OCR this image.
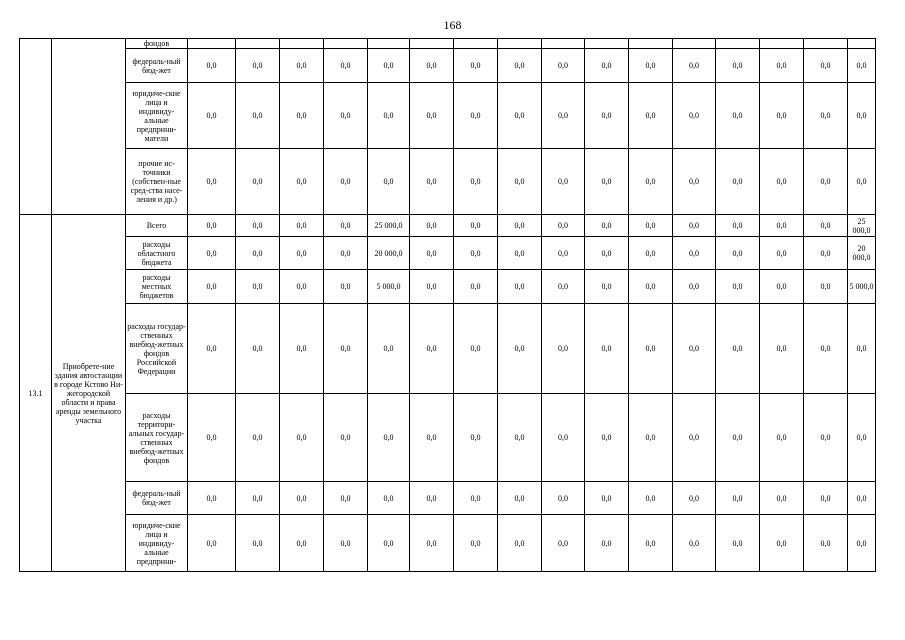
168
		фондов																
		федераль-ный бюд-жет	0,0	0,0	0,0	0,0	0,0	0,0	0,0	0,0	0,0	0,0	0,0	0,0	0,0	0,0	0,0	0,0
		юридиче-ские лица и индивиду-альные предприни-матели	0,0	0,0	0,0	0,0	0,0	0,0	0,0	0,0	0,0	0,0	0,0	0,0	0,0	0,0	0,0	0,0
		прочие ис-точники (собствен-ные сред-ства насе-ления и др.)	0,0	0,0	0,0	0,0	0,0	0,0	0,0	0,0	0,0	0,0	0,0	0,0	0,0	0,0	0,0	0,0
13.1	Приобрете-ние здания автостанции в городе Кстово Ни-жегородской области и права аренды земельного участка	Всего	0,0	0,0	0,0	0,0	25 000,0	0,0	0,0	0,0	0,0	0,0	0,0	0,0	0,0	0,0	0,0	25 000,0
		расходы областного бюджета	0,0	0,0	0,0	0,0	20 000,0	0,0	0,0	0,0	0,0	0,0	0,0	0,0	0,0	0,0	0,0	20 000,0
		расходы местных бюджетов	0,0	0,0	0,0	0,0	5 000,0	0,0	0,0	0,0	0,0	0,0	0,0	0,0	0,0	0,0	0,0	5 000,0
		расходы государ-ственных внебюд-жетных фондов Российской Федерации	0,0	0,0	0,0	0,0	0,0	0,0	0,0	0,0	0,0	0,0	0,0	0,0	0,0	0,0	0,0	0,0
		расходы территори-альных государ-ственных внебюд-жетных фондов	0,0	0,0	0,0	0,0	0,0	0,0	0,0	0,0	0,0	0,0	0,0	0,0	0,0	0,0	0,0	0,0
		федераль-ный бюд-жет	0,0	0,0	0,0	0,0	0,0	0,0	0,0	0,0	0,0	0,0	0,0	0,0	0,0	0,0	0,0	0,0
		юридиче-ские лица и индивиду-альные предприни-	0,0	0,0	0,0	0,0	0,0	0,0	0,0	0,0	0,0	0,0	0,0	0,0	0,0	0,0	0,0	0,0
